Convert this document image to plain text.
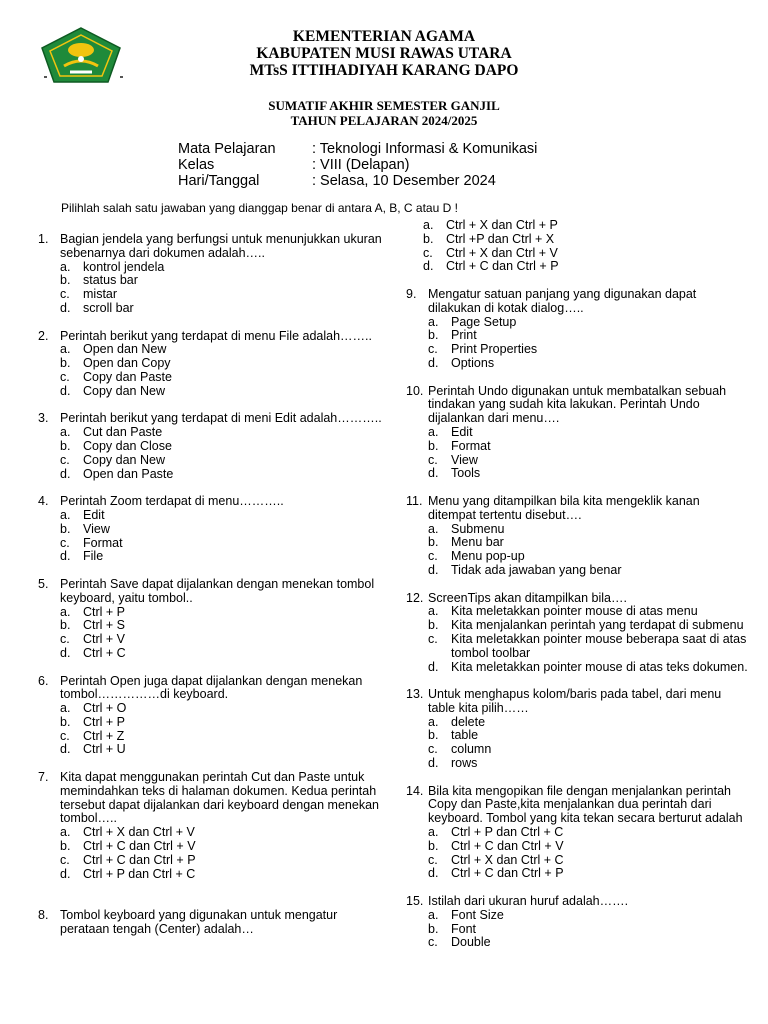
KEMENTERIAN AGAMA
KABUPATEN MUSI RAWAS UTARA
MTsS ITTIHADIYAH KARANG DAPO
SUMATIF AKHIR SEMESTER GANJIL
TAHUN PELAJARAN 2024/2025
Mata Pelajaran	: Teknologi Informasi & Komunikasi
Kelas	: VIII (Delapan)
Hari/Tanggal	: Selasa, 10 Desember 2024
Pilihlah salah satu jawaban yang dianggap benar di antara A, B, C atau D !
1. Bagian jendela yang berfungsi untuk menunjukkan ukuran sebenarnya dari dokumen adalah…..
a.	kontrol jendela
b.	status bar
c.	mistar
d.	scroll bar
2. Perintah berikut yang terdapat di menu File adalah……..
a.	Open dan New
b.	Open dan Copy
c.	Copy dan Paste
d.	Copy dan New
3. Perintah berikut yang terdapat di meni Edit adalah………..
a.	Cut dan Paste
b.	Copy dan Close
c.	Copy dan New
d.	Open dan Paste
4. Perintah Zoom terdapat di menu………..
a.	Edit
b.	View
c.	Format
d.	File
5. Perintah Save dapat dijalankan dengan menekan tombol keyboard, yaitu tombol..
a.	Ctrl + P
b.	Ctrl + S
c.	Ctrl + V
d.	Ctrl + C
6. Perintah Open juga dapat dijalankan dengan menekan tombol……………di keyboard.
a.	Ctrl + O
b.	Ctrl + P
c.	Ctrl + Z
d.	Ctrl + U
7. Kita dapat menggunakan perintah Cut dan Paste untuk memindahkan teks di halaman dokumen. Kedua perintah tersebut dapat dijalankan dari keyboard dengan menekan tombol…..
a.	Ctrl + X dan Ctrl + V
b.	Ctrl + C dan Ctrl + V
c.	Ctrl + C dan Ctrl + P
d.	Ctrl + P dan Ctrl + C
8. Tombol keyboard yang digunakan untuk mengatur perataan tengah (Center) adalah…
a.	Ctrl + X dan Ctrl + P
b.	Ctrl +P dan Ctrl + X
c.	Ctrl + X dan Ctrl + V
d.	Ctrl + C dan Ctrl + P
9. Mengatur satuan panjang yang digunakan dapat dilakukan di kotak dialog…..
a.	Page Setup
b.	Print
c.	Print Properties
d.	Options
10. Perintah Undo digunakan untuk membatalkan sebuah tindakan yang sudah kita lakukan. Perintah Undo dijalankan dari menu….
a.	Edit
b.	Format
c.	View
d.	Tools
11. Menu yang ditampilkan bila kita mengeklik kanan ditempat tertentu disebut….
a.	Submenu
b.	Menu bar
c.	Menu pop-up
d.	Tidak ada jawaban yang benar
12. ScreenTips akan ditampilkan bila….
a.	Kita meletakkan pointer mouse di atas menu
b.	Kita menjalankan perintah yang terdapat di submenu
c.	Kita meletakkan pointer mouse beberapa saat di atas tombol toolbar
d.	Kita meletakkan pointer mouse di atas teks dokumen.
13. Untuk menghapus kolom/baris pada tabel, dari menu table kita pilih……
a.	delete
b.	table
c.	column
d.	rows
14. Bila kita mengopikan file dengan menjalankan perintah Copy dan Paste,kita menjalankan dua perintah dari keyboard. Tombol yang kita tekan secara berturut adalah
a.	Ctrl + P dan Ctrl + C
b.	Ctrl + C dan Ctrl + V
c.	Ctrl + X dan Ctrl + C
d.	Ctrl + C dan Ctrl + P
15. Istilah dari ukuran huruf adalah…….
a.	Font Size
b.	Font
c.	Double
